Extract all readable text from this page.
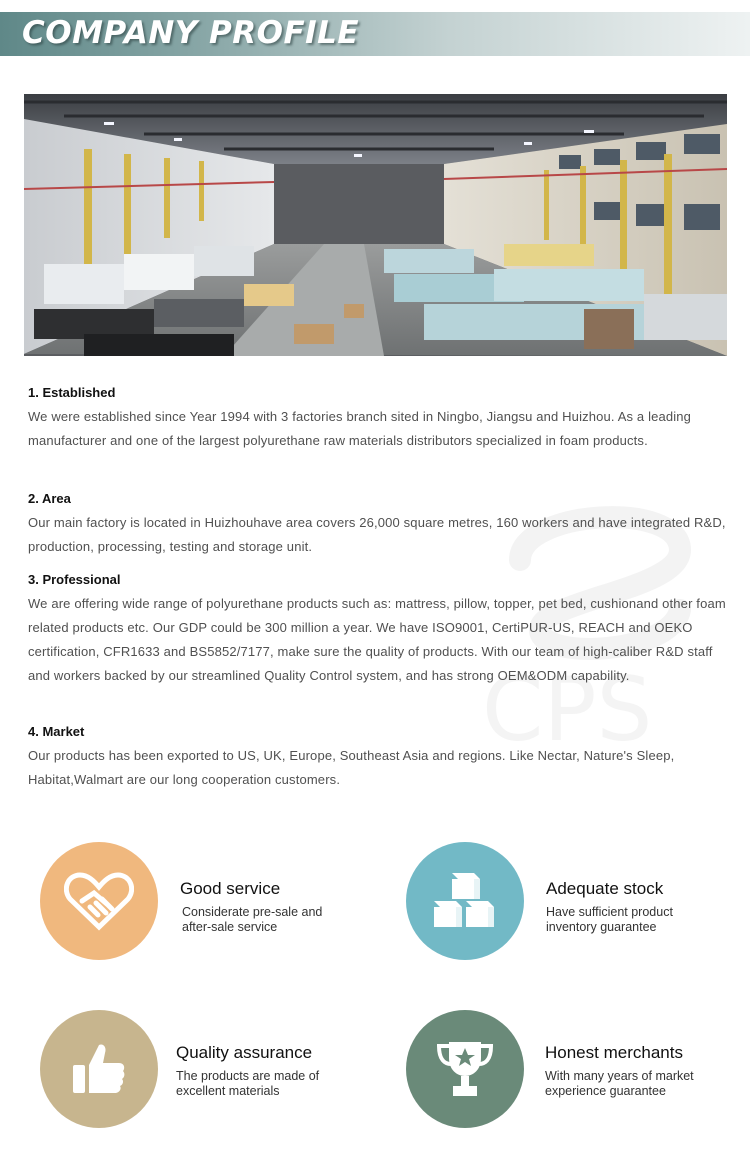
COMPANY PROFILE
CPS
1. Established
We were established since Year 1994 with 3 factories branch sited in Ningbo, Jiangsu and Huizhou. As a leading manufacturer and one of the largest polyurethane raw materials distributors specialized in foam products.
2. Area
Our main factory is located in Huizhouhave area covers 26,000 square metres, 160 workers and have integrated R&D, production, processing, testing and storage unit.
3. Professional
We are offering wide range of polyurethane products such as: mattress, pillow, topper, pet bed, cushionand other foam related products etc. Our GDP could be 300 million a year. We have ISO9001, CertiPUR-US, REACH and OEKO certification, CFR1633 and BS5852/7177, make sure the quality of products. With our team of high-caliber R&D staff and workers backed by our streamlined Quality Control system, and has strong OEM&ODM capability.
4. Market
Our products has been exported to US, UK, Europe, Southeast Asia and regions. Like Nectar, Nature's Sleep, Habitat,Walmart are our long cooperation customers.
Good service
Considerate pre-sale and
after-sale service
Adequate stock
Have sufficient product
inventory guarantee
Quality assurance
The products are made of
excellent materials
Honest merchants
With many years of market
experience guarantee
